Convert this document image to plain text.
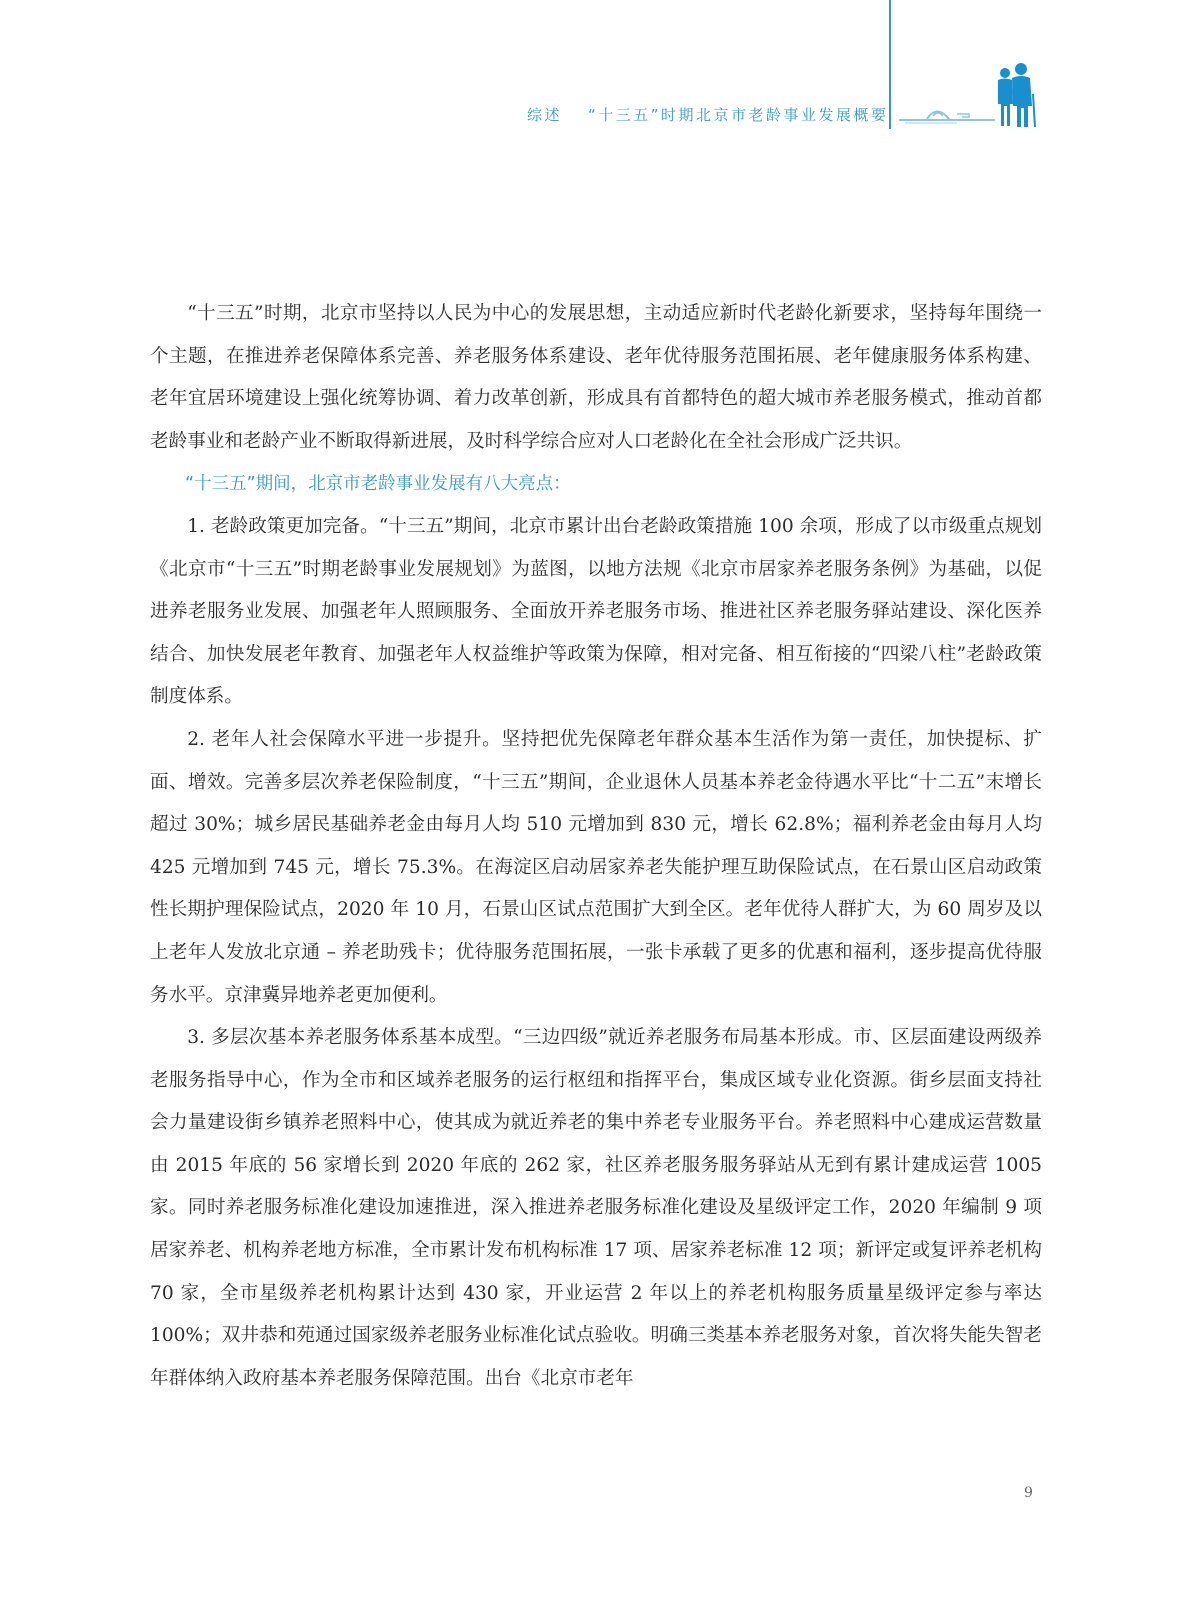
综述 “十三五”时期北京市老龄事业发展概要

“十三五”时期，北京市坚持以人民为中心的发展思想，主动适应新时代老龄化新要求，坚持每年围绕一个主题，在推进养老保障体系完善、养老服务体系建设、老年优待服务范围拓展、老年健康服务体系构建、老年宜居环境建设上强化统筹协调、着力改革创新，形成具有首都特色的超大城市养老服务模式，推动首都老龄事业和老龄产业不断取得新进展，及时科学综合应对人口老龄化在全社会形成广泛共识。

“十三五”期间，北京市老龄事业发展有八大亮点：

1. 老龄政策更加完备。“十三五”期间，北京市累计出台老龄政策措施 100 余项，形成了以市级重点规划《北京市“十三五”时期老龄事业发展规划》为蓝图，以地方法规《北京市居家养老服务条例》为基础，以促进养老服务业发展、加强老年人照顾服务、全面放开养老服务市场、推进社区养老服务驿站建设、深化医养结合、加快发展老年教育、加强老年人权益维护等政策为保障，相对完备、相互衔接的“四梁八柱”老龄政策制度体系。

2. 老年人社会保障水平进一步提升。坚持把优先保障老年群众基本生活作为第一责任，加快提标、扩面、增效。完善多层次养老保险制度，“十三五”期间，企业退休人员基本养老金待遇水平比“十二五”末增长超过 30%；城乡居民基础养老金由每月人均 510 元增加到 830 元，增长 62.8%；福利养老金由每月人均 425 元增加到 745 元，增长 75.3%。在海淀区启动居家养老失能护理互助保险试点，在石景山区启动政策性长期护理保险试点，2020 年 10 月，石景山区试点范围扩大到全区。老年优待人群扩大，为 60 周岁及以上老年人发放北京通 – 养老助残卡；优待服务范围拓展，一张卡承载了更多的优惠和福利，逐步提高优待服务水平。京津冀异地养老更加便利。

3. 多层次基本养老服务体系基本成型。“三边四级”就近养老服务布局基本形成。市、区层面建设两级养老服务指导中心，作为全市和区域养老服务的运行枢纽和指挥平台，集成区域专业化资源。街乡层面支持社会力量建设街乡镇养老照料中心，使其成为就近养老的集中养老专业服务平台。养老照料中心建成运营数量由 2015 年底的 56 家增长到 2020 年底的 262 家，社区养老服务服务驿站从无到有累计建成运营 1005 家。同时养老服务标准化建设加速推进，深入推进养老服务标准化建设及星级评定工作，2020 年编制 9 项居家养老、机构养老地方标准，全市累计发布机构标准 17 项、居家养老标准 12 项；新评定或复评养老机构 70 家，全市星级养老机构累计达到 430 家，开业运营 2 年以上的养老机构服务质量星级评定参与率达 100%；双井恭和苑通过国家级养老服务业标准化试点验收。明确三类基本养老服务对象，首次将失能失智老年群体纳入政府基本养老服务保障范围。出台《北京市老年

9
